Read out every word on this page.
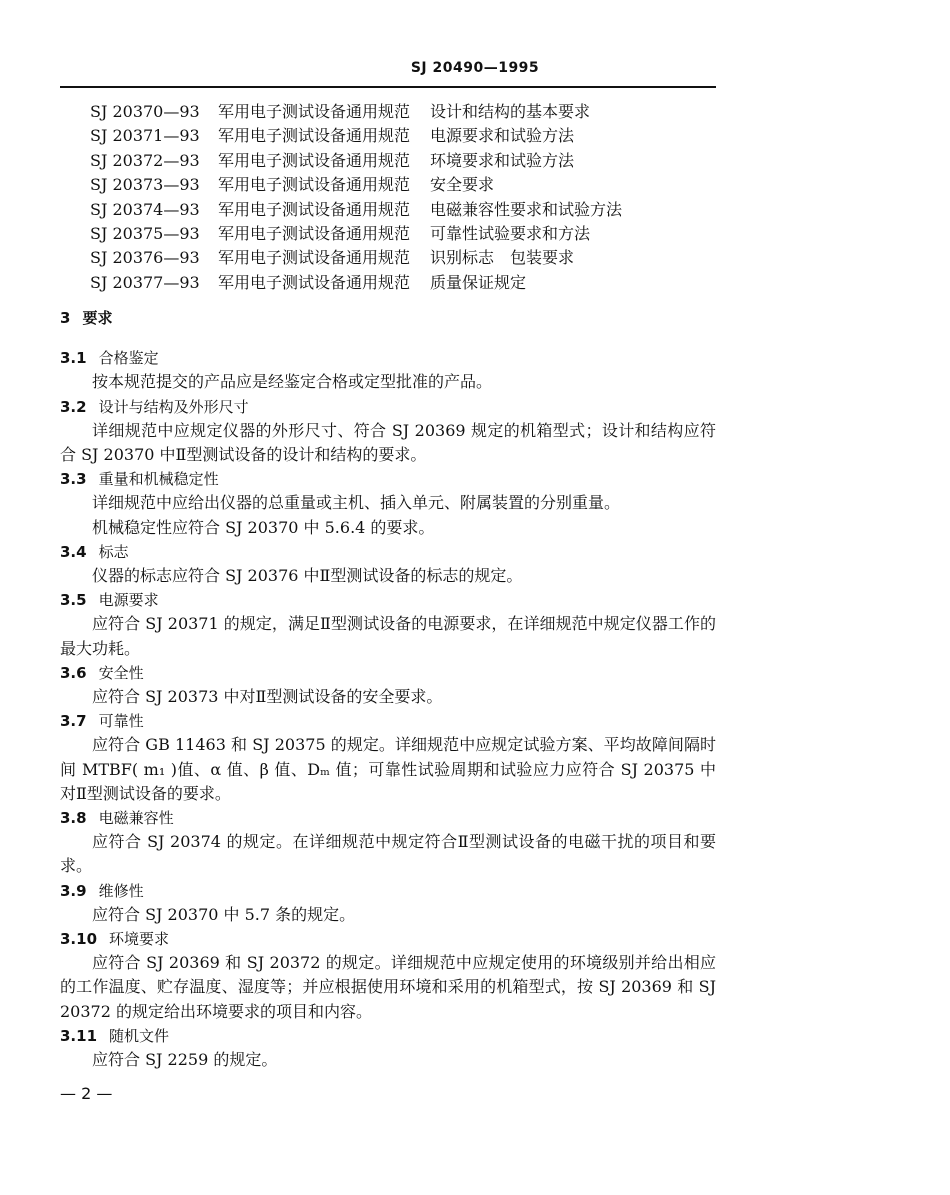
SJ 20490—1995
SJ 20370—93	军用电子测试设备通用规范	设计和结构的基本要求
SJ 20371—93	军用电子测试设备通用规范	电源要求和试验方法
SJ 20372—93	军用电子测试设备通用规范	环境要求和试验方法
SJ 20373—93	军用电子测试设备通用规范	安全要求
SJ 20374—93	军用电子测试设备通用规范	电磁兼容性要求和试验方法
SJ 20375—93	军用电子测试设备通用规范	可靠性试验要求和方法
SJ 20376—93	军用电子测试设备通用规范	识别标志　包装要求
SJ 20377—93	军用电子测试设备通用规范	质量保证规定
3 要求
3.1 合格鉴定
按本规范提交的产品应是经鉴定合格或定型批准的产品。
3.2 设计与结构及外形尺寸
详细规范中应规定仪器的外形尺寸、符合 SJ 20369 规定的机箱型式；设计和结构应符合 SJ 20370 中Ⅱ型测试设备的设计和结构的要求。
3.3 重量和机械稳定性
详细规范中应给出仪器的总重量或主机、插入单元、附属装置的分别重量。
机械稳定性应符合 SJ 20370 中 5.6.4 的要求。
3.4 标志
仪器的标志应符合 SJ 20376 中Ⅱ型测试设备的标志的规定。
3.5 电源要求
应符合 SJ 20371 的规定，满足Ⅱ型测试设备的电源要求，在详细规范中规定仪器工作的最大功耗。
3.6 安全性
应符合 SJ 20373 中对Ⅱ型测试设备的安全要求。
3.7 可靠性
应符合 GB 11463 和 SJ 20375 的规定。详细规范中应规定试验方案、平均故障间隔时间 MTBF( m₁ )值、α 值、β 值、Dₘ 值；可靠性试验周期和试验应力应符合 SJ 20375 中对Ⅱ型测试设备的要求。
3.8 电磁兼容性
应符合 SJ 20374 的规定。在详细规范中规定符合Ⅱ型测试设备的电磁干扰的项目和要求。
3.9 维修性
应符合 SJ 20370 中 5.7 条的规定。
3.10 环境要求
应符合 SJ 20369 和 SJ 20372 的规定。详细规范中应规定使用的环境级别并给出相应的工作温度、贮存温度、湿度等；并应根据使用环境和采用的机箱型式，按 SJ 20369 和 SJ 20372 的规定给出环境要求的项目和内容。
3.11 随机文件
应符合 SJ 2259 的规定。
— 2 —
